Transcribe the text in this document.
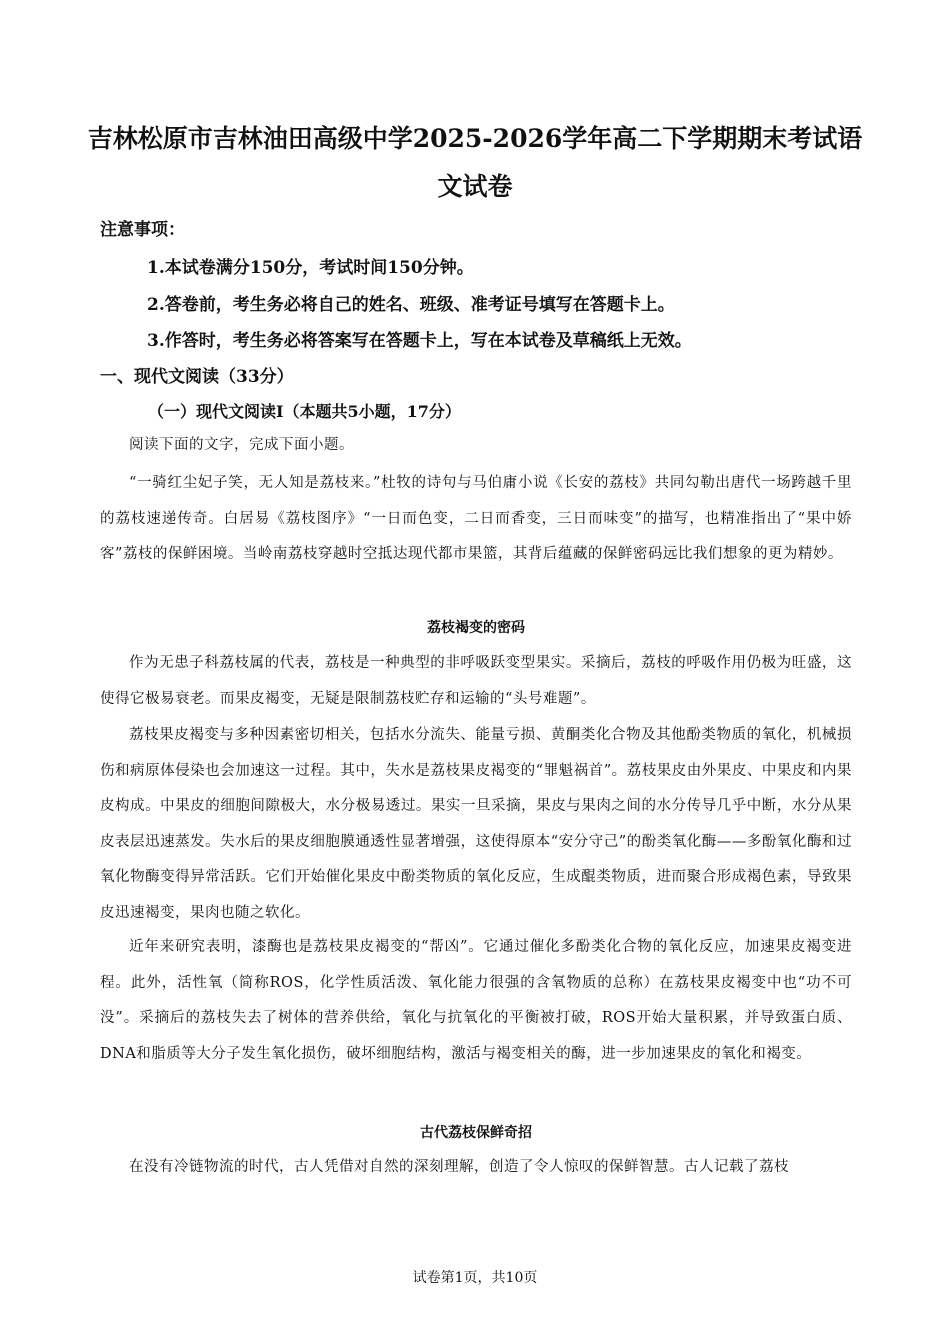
吉林松原市吉林油田高级中学2025-2026学年高二下学期期末考试语
文试卷
注意事项：
1.本试卷满分150分，考试时间150分钟。
2.答卷前，考生务必将自己的姓名、班级、准考证号填写在答题卡上。
3.作答时，考生务必将答案写在答题卡上，写在本试卷及草稿纸上无效。
一、现代文阅读（33分）
（一）现代文阅读I（本题共5小题，17分）
阅读下面的文字，完成下面小题。
“一骑红尘妃子笑，无人知是荔枝来。”杜牧的诗句与马伯庸小说《长安的荔枝》共同勾勒出唐代一场跨越千里的荔枝速递传奇。白居易《荔枝图序》“一日而色变，二日而香变，三日而味变”的描写，也精准指出了“果中娇客”荔枝的保鲜困境。当岭南荔枝穿越时空抵达现代都市果篮，其背后蕴藏的保鲜密码远比我们想象的更为精妙。
荔枝褐变的密码
作为无患子科荔枝属的代表，荔枝是一种典型的非呼吸跃变型果实。采摘后，荔枝的呼吸作用仍极为旺盛，这使得它极易衰老。而果皮褐变，无疑是限制荔枝贮存和运输的“头号难题”。
荔枝果皮褐变与多种因素密切相关，包括水分流失、能量亏损、黄酮类化合物及其他酚类物质的氧化，机械损伤和病原体侵染也会加速这一过程。其中，失水是荔枝果皮褐变的“罪魁祸首”。荔枝果皮由外果皮、中果皮和内果皮构成。中果皮的细胞间隙极大，水分极易透过。果实一旦采摘，果皮与果肉之间的水分传导几乎中断，水分从果皮表层迅速蒸发。失水后的果皮细胞膜通透性显著增强，这使得原本“安分守己”的酚类氧化酶——多酚氧化酶和过氧化物酶变得异常活跃。它们开始催化果皮中酚类物质的氧化反应，生成醌类物质，进而聚合形成褐色素，导致果皮迅速褐变，果肉也随之软化。
近年来研究表明，漆酶也是荔枝果皮褐变的“帮凶”。它通过催化多酚类化合物的氧化反应，加速果皮褐变进程。此外，活性氧（简称ROS，化学性质活泼、氧化能力很强的含氧物质的总称）在荔枝果皮褐变中也“功不可没”。采摘后的荔枝失去了树体的营养供给，氧化与抗氧化的平衡被打破，ROS开始大量积累，并导致蛋白质、DNA和脂质等大分子发生氧化损伤，破坏细胞结构，激活与褐变相关的酶，进一步加速果皮的氧化和褐变。
古代荔枝保鲜奇招
在没有冷链物流的时代，古人凭借对自然的深刻理解，创造了令人惊叹的保鲜智慧。古人记载了荔枝
试卷第1页，共10页
